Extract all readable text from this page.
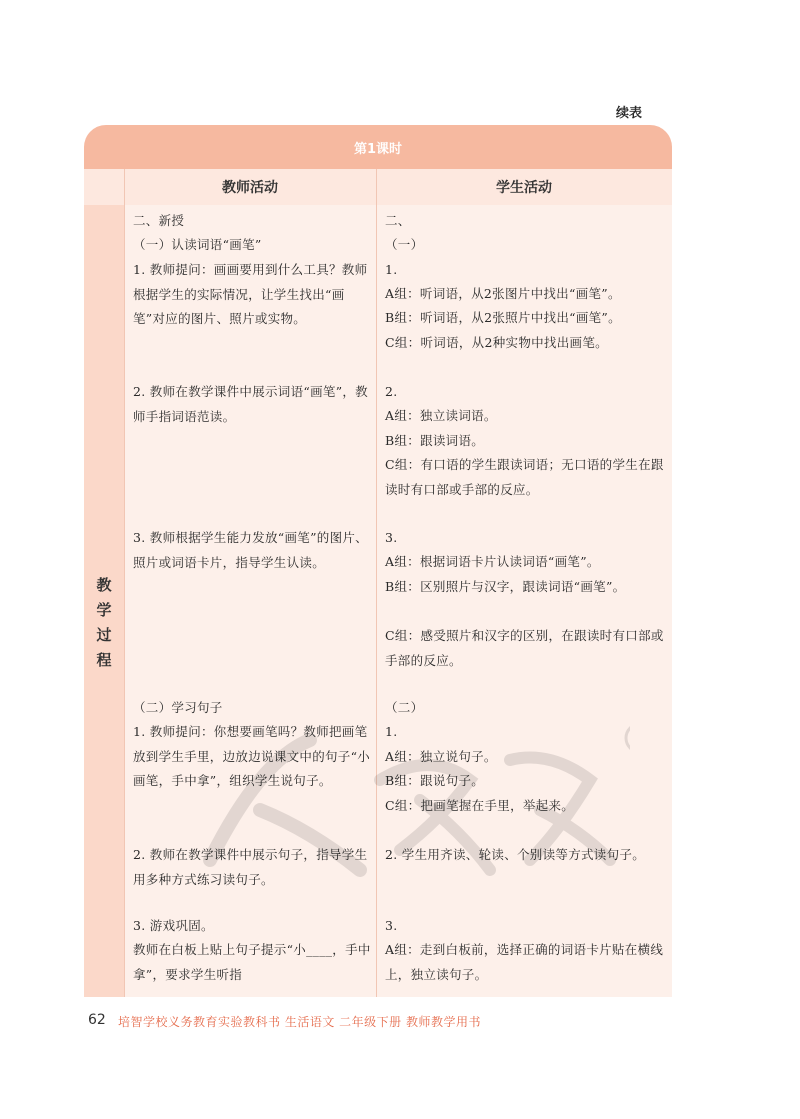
续表
第1课时
教师活动	学生活动
教
学
过
程
二、新授
（一）认读词语“画笔”
1. 教师提问：画画要用到什么工具？教师根据学生的实际情况，让学生找出“画笔”对应的图片、照片或实物。
2. 教师在教学课件中展示词语“画笔”，教师手指词语范读。
3. 教师根据学生能力发放“画笔”的图片、照片或词语卡片，指导学生认读。
（二）学习句子
1. 教师提问：你想要画笔吗？教师把画笔放到学生手里，边放边说课文中的句子“小画笔，手中拿”，组织学生说句子。
2. 教师在教学课件中展示句子，指导学生用多种方式练习读句子。
3. 游戏巩固。
教师在白板上贴上句子提示“小____，手中拿”，要求学生听指
二、
（一）
1.
A组：听词语，从2张图片中找出“画笔”。
B组：听词语，从2张照片中找出“画笔”。
C组：听词语，从2种实物中找出画笔。
2.
A组：独立读词语。
B组：跟读词语。
C组：有口语的学生跟读词语；无口语的学生在跟读时有口部或手部的反应。
3.
A组：根据词语卡片认读词语“画笔”。
B组：区别照片与汉字，跟读词语“画笔”。
C组：感受照片和汉字的区别，在跟读时有口部或手部的反应。
（二）
1.
A组：独立说句子。
B组：跟说句子。
C组：把画笔握在手里，举起来。
2. 学生用齐读、轮读、个别读等方式读句子。
3.
A组：走到白板前，选择正确的词语卡片贴在横线上，独立读句子。
62 培智学校义务教育实验教科书 生活语文 二年级下册 教师教学用书
